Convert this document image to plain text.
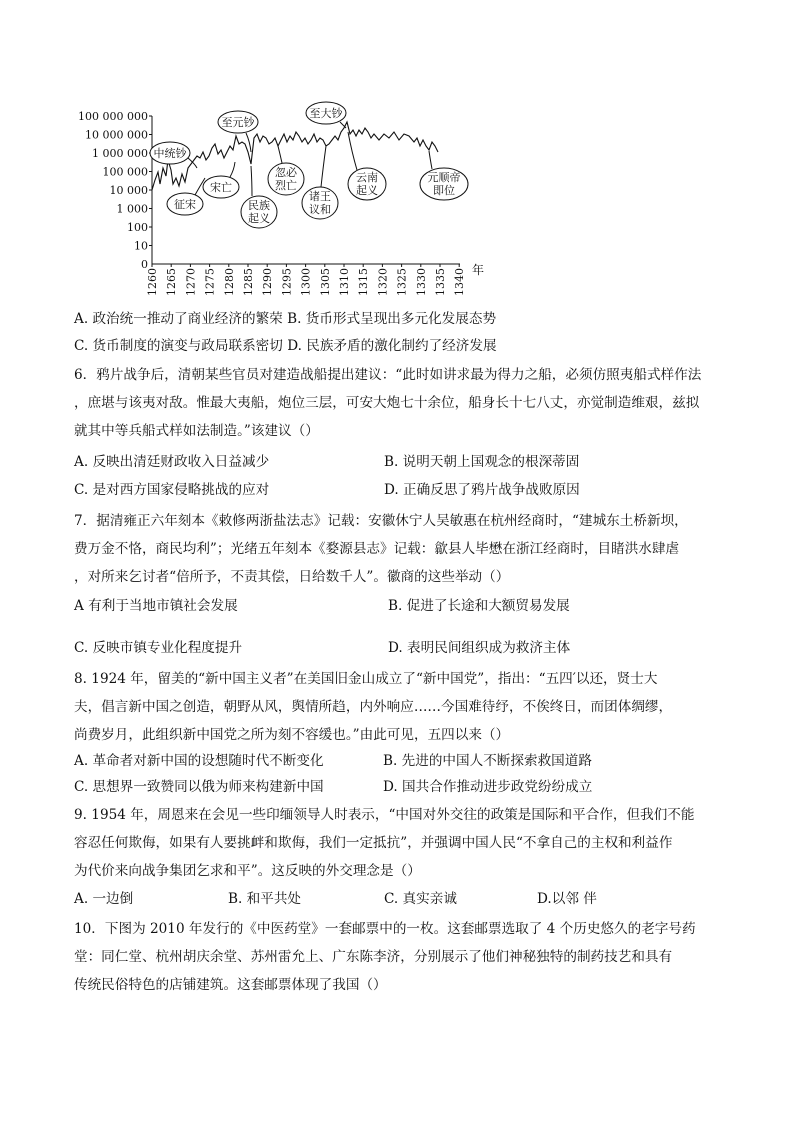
100 000 000
10 000 000
1 000 000
100 000
10 000
1 000
100
10
0
1260 1265 1270 1275 1280 1285 1290 1295 1300 1305 1310 1315 1320 1325 1330 1335 1340 年
中统钞
征宋
宋亡
至元钞
民族
起义
忽必
烈亡
诸王
议和
至大钞
云南
起义
元顺帝
即位
A. 政治统一推动了商业经济的繁荣 B. 货币形式呈现出多元化发展态势
C. 货币制度的演变与政局联系密切 D. 民族矛盾的激化制约了经济发展
6．鸦片战争后，清朝某些官员对建造战船提出建议：“此时如讲求最为得力之船，必须仿照夷船式样作法
，庶堪与该夷对敌。惟最大夷船，炮位三层，可安大炮七十余位，船身长十七八丈，亦觉制造维艰，兹拟
就其中等兵船式样如法制造。”该建议（）
A. 反映出清廷财政收入日益减少	B. 说明天朝上国观念的根深蒂固
C. 是对西方国家侵略挑战的应对	D. 正确反思了鸦片战争战败原因
7．据清雍正六年刻本《敕修两浙盐法志》记载：安徽休宁人吴敏惠在杭州经商时，“建城东土桥新坝，
费万金不恪，商民均利”；光绪五年刻本《婺源县志》记载：歙县人毕懋在浙江经商时，目睹洪水肆虐
，对所来乞讨者“倍所予，不责其偿，日给数千人”。徽商的这些举动（）
A 有利于当地市镇社会发展	B. 促进了长途和大额贸易发展
C. 反映市镇专业化程度提升	D. 表明民间组织成为救济主体
8. 1924 年，留美的“新中国主义者”在美国旧金山成立了“新中国党”，指出：“五四′以还，贤士大
夫，倡言新中国之创造，朝野从风，舆情所趋，内外响应……今国难待纾，不俟终日，而团体绸缪，
尚费岁月，此组织新中国党之所为刻不容缓也。”由此可见，五四以来（）
A. 革命者对新中国的设想随时代不断变化	B. 先进的中国人不断探索救国道路
C. 思想界一致赞同以俄为师来构建新中国	D. 国共合作推动进步政党纷纷成立
9. 1954 年，周恩来在会见一些印缅领导人时表示，“中国对外交往的政策是国际和平合作，但我们不能
容忍任何欺侮，如果有人要挑衅和欺侮，我们一定抵抗”，并强调中国人民“不拿自己的主权和利益作
为代价来向战争集团乞求和平”。这反映的外交理念是（）
A. 一边倒	B. 和平共处	C. 真实亲诚	D.以邻 伴
10．下图为 2010 年发行的《中医药堂》一套邮票中的一枚。这套邮票选取了 4 个历史悠久的老字号药
堂：同仁堂、杭州胡庆余堂、苏州雷允上、广东陈李济，分别展示了他们神秘独特的制药技艺和具有
传统民俗特色的店铺建筑。这套邮票体现了我国（）
